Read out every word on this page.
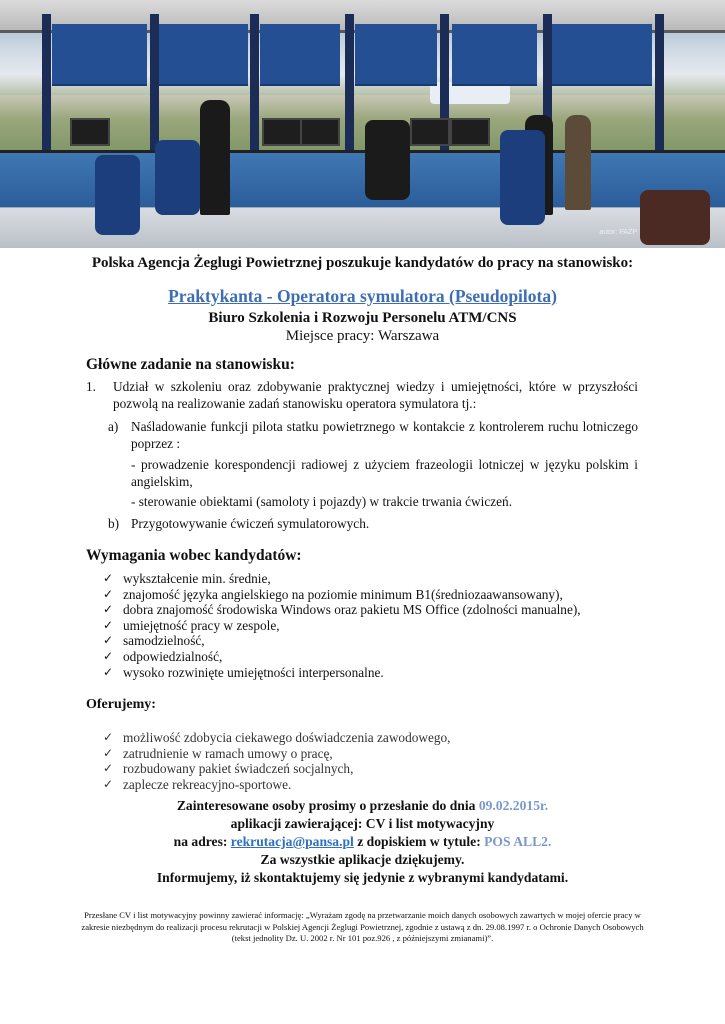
autor: PAŻP
Polska Agencja Żeglugi Powietrznej poszukuje kandydatów do pracy na stanowisko:
Praktykanta - Operatora symulatora (Pseudopilota)
Biuro Szkolenia i Rozwoju Personelu ATM/CNS
Miejsce pracy: Warszawa
Główne zadanie na stanowisku:
1. Udział w szkoleniu oraz zdobywanie praktycznej wiedzy i umiejętności, które w przyszłości pozwolą na realizowanie zadań stanowisku operatora symulatora tj.:
a) Naśladowanie funkcji pilota statku powietrznego w kontakcie z kontrolerem ruchu lotniczego poprzez :
- prowadzenie korespondencji radiowej z użyciem frazeologii lotniczej w języku polskim i angielskim,
- sterowanie obiektami (samoloty i pojazdy) w trakcie trwania ćwiczeń.
b) Przygotowywanie ćwiczeń symulatorowych.
Wymagania wobec kandydatów:
✓ wykształcenie min. średnie,
✓ znajomość języka angielskiego na poziomie minimum B1(średniozaawansowany),
✓ dobra znajomość środowiska Windows oraz pakietu MS Office (zdolności manualne),
✓ umiejętność pracy w zespole,
✓ samodzielność,
✓ odpowiedzialność,
✓ wysoko rozwinięte umiejętności interpersonalne.
Oferujemy:
✓ możliwość zdobycia ciekawego doświadczenia zawodowego,
✓ zatrudnienie w ramach umowy o pracę,
✓ rozbudowany pakiet świadczeń socjalnych,
✓ zaplecze rekreacyjno-sportowe.
Zainteresowane osoby prosimy o przesłanie do dnia 09.02.2015r.
aplikacji zawierającej: CV i list motywacyjny
na adres: rekrutacja@pansa.pl z dopiskiem w tytule: POS ALL2.
Za wszystkie aplikacje dziękujemy.
Informujemy, iż skontaktujemy się jedynie z wybranymi kandydatami.
Przesłane CV i list motywacyjny powinny zawierać informację: „Wyrażam zgodę na przetwarzanie moich danych osobowych zawartych w mojej ofercie pracy w zakresie niezbędnym do realizacji procesu rekrutacji w Polskiej Agencji Żeglugi Powietrznej, zgodnie z ustawą z dn. 29.08.1997 r. o Ochronie Danych Osobowych (tekst jednolity Dz. U. 2002 r. Nr 101 poz.926 , z późniejszymi zmianami)”.
